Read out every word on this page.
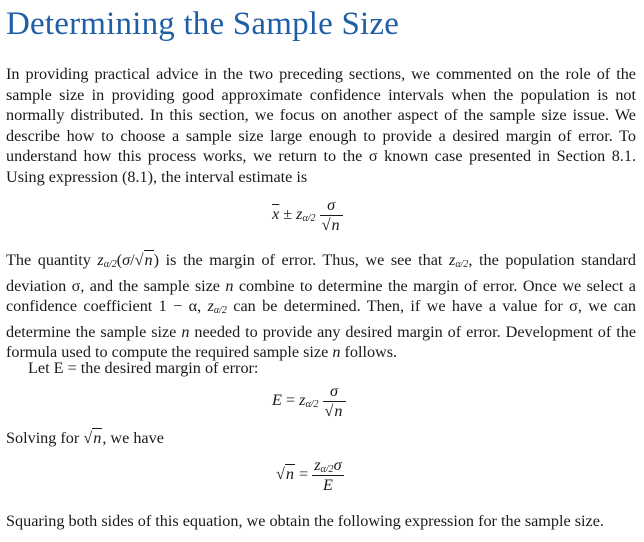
Determining the Sample Size

In providing practical advice in the two preceding sections, we commented on the role of the sample size in providing good approximate confidence intervals when the population is not normally distributed. In this section, we focus on another aspect of the sample size issue. We describe how to choose a sample size large enough to provide a desired margin of error. To understand how this process works, we return to the σ known case presented in Section 8.1. Using expression (8.1), the interval estimate is

$\overline{x} \pm z_{\alpha/2} \frac{\sigma}{√n}$

The quantity $z_{\alpha/2}(\sigma/√n)$ is the margin of error. Thus, we see that $z_{\alpha/2}$, the population standard deviation σ, and the sample size n combine to determine the margin of error. Once we select a confidence coefficient 1 − α, $z_{\alpha/2}$ can be determined. Then, if we have a value for σ, we can determine the sample size n needed to provide any desired margin of error. Development of the formula used to compute the required sample size n follows.

Let E = the desired margin of error:

$E = z_{\alpha/2} \frac{\sigma}{√n}$

Solving for √n, we have

$√n = \frac{z_{\alpha/2}\sigma}{E}$

Squaring both sides of this equation, we obtain the following expression for the sample size.
